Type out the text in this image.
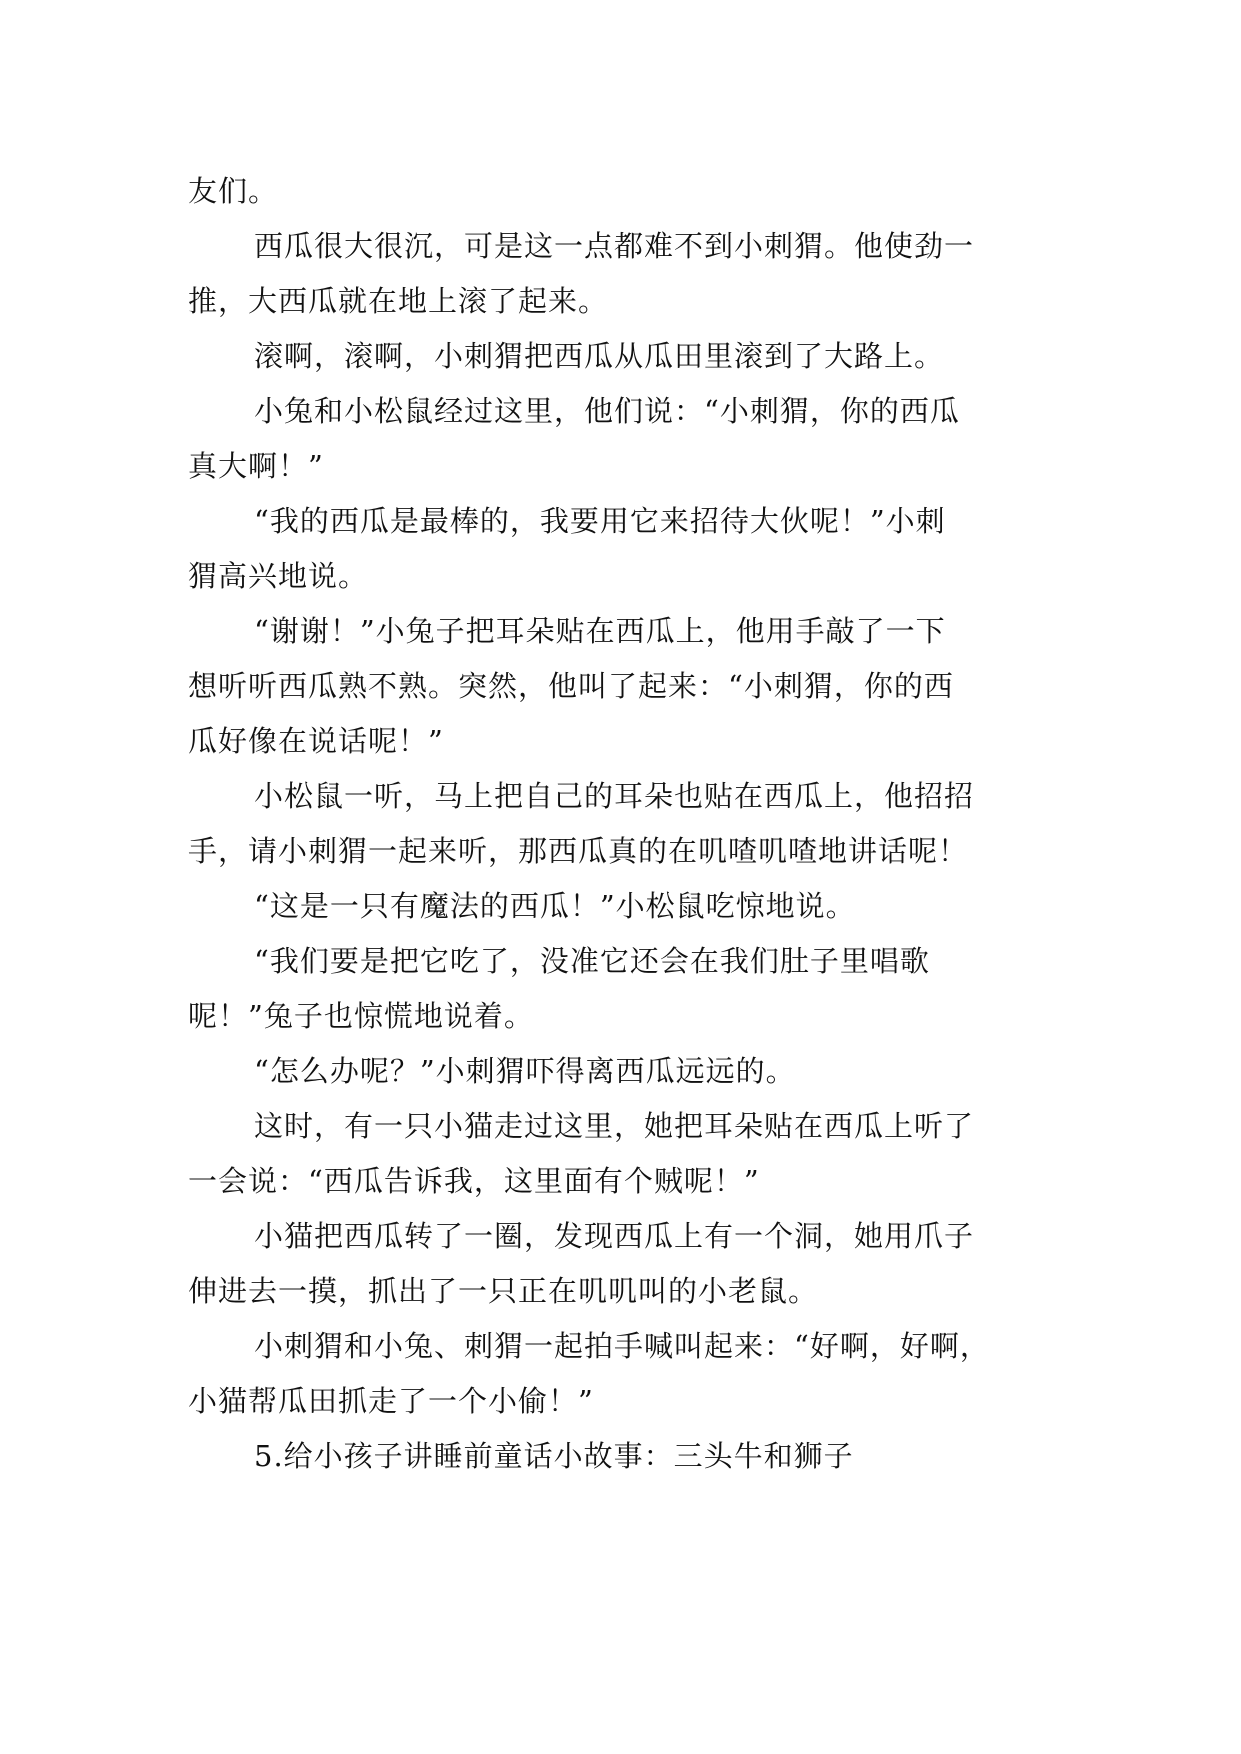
友们。

西瓜很大很沉，可是这一点都难不到小刺猬。他使劲一
推，大西瓜就在地上滚了起来。

滚啊，滚啊，小刺猬把西瓜从瓜田里滚到了大路上。

小兔和小松鼠经过这里，他们说：“小刺猬，你的西瓜
真大啊！”

“我的西瓜是最棒的，我要用它来招待大伙呢！”小刺
猬高兴地说。

“谢谢！”小兔子把耳朵贴在西瓜上，他用手敲了一下
想听听西瓜熟不熟。突然，他叫了起来：“小刺猬，你的西
瓜好像在说话呢！”

小松鼠一听，马上把自己的耳朵也贴在西瓜上，他招招
手，请小刺猬一起来听，那西瓜真的在叽喳叽喳地讲话呢！

“这是一只有魔法的西瓜！”小松鼠吃惊地说。

“我们要是把它吃了，没准它还会在我们肚子里唱歌
呢！”兔子也惊慌地说着。

“怎么办呢？”小刺猬吓得离西瓜远远的。

这时，有一只小猫走过这里，她把耳朵贴在西瓜上听了
一会说：“西瓜告诉我，这里面有个贼呢！”

小猫把西瓜转了一圈，发现西瓜上有一个洞，她用爪子
伸进去一摸，抓出了一只正在叽叽叫的小老鼠。

小刺猬和小兔、刺猬一起拍手喊叫起来：“好啊，好啊，
小猫帮瓜田抓走了一个小偷！”

5.给小孩子讲睡前童话小故事：三头牛和狮子
